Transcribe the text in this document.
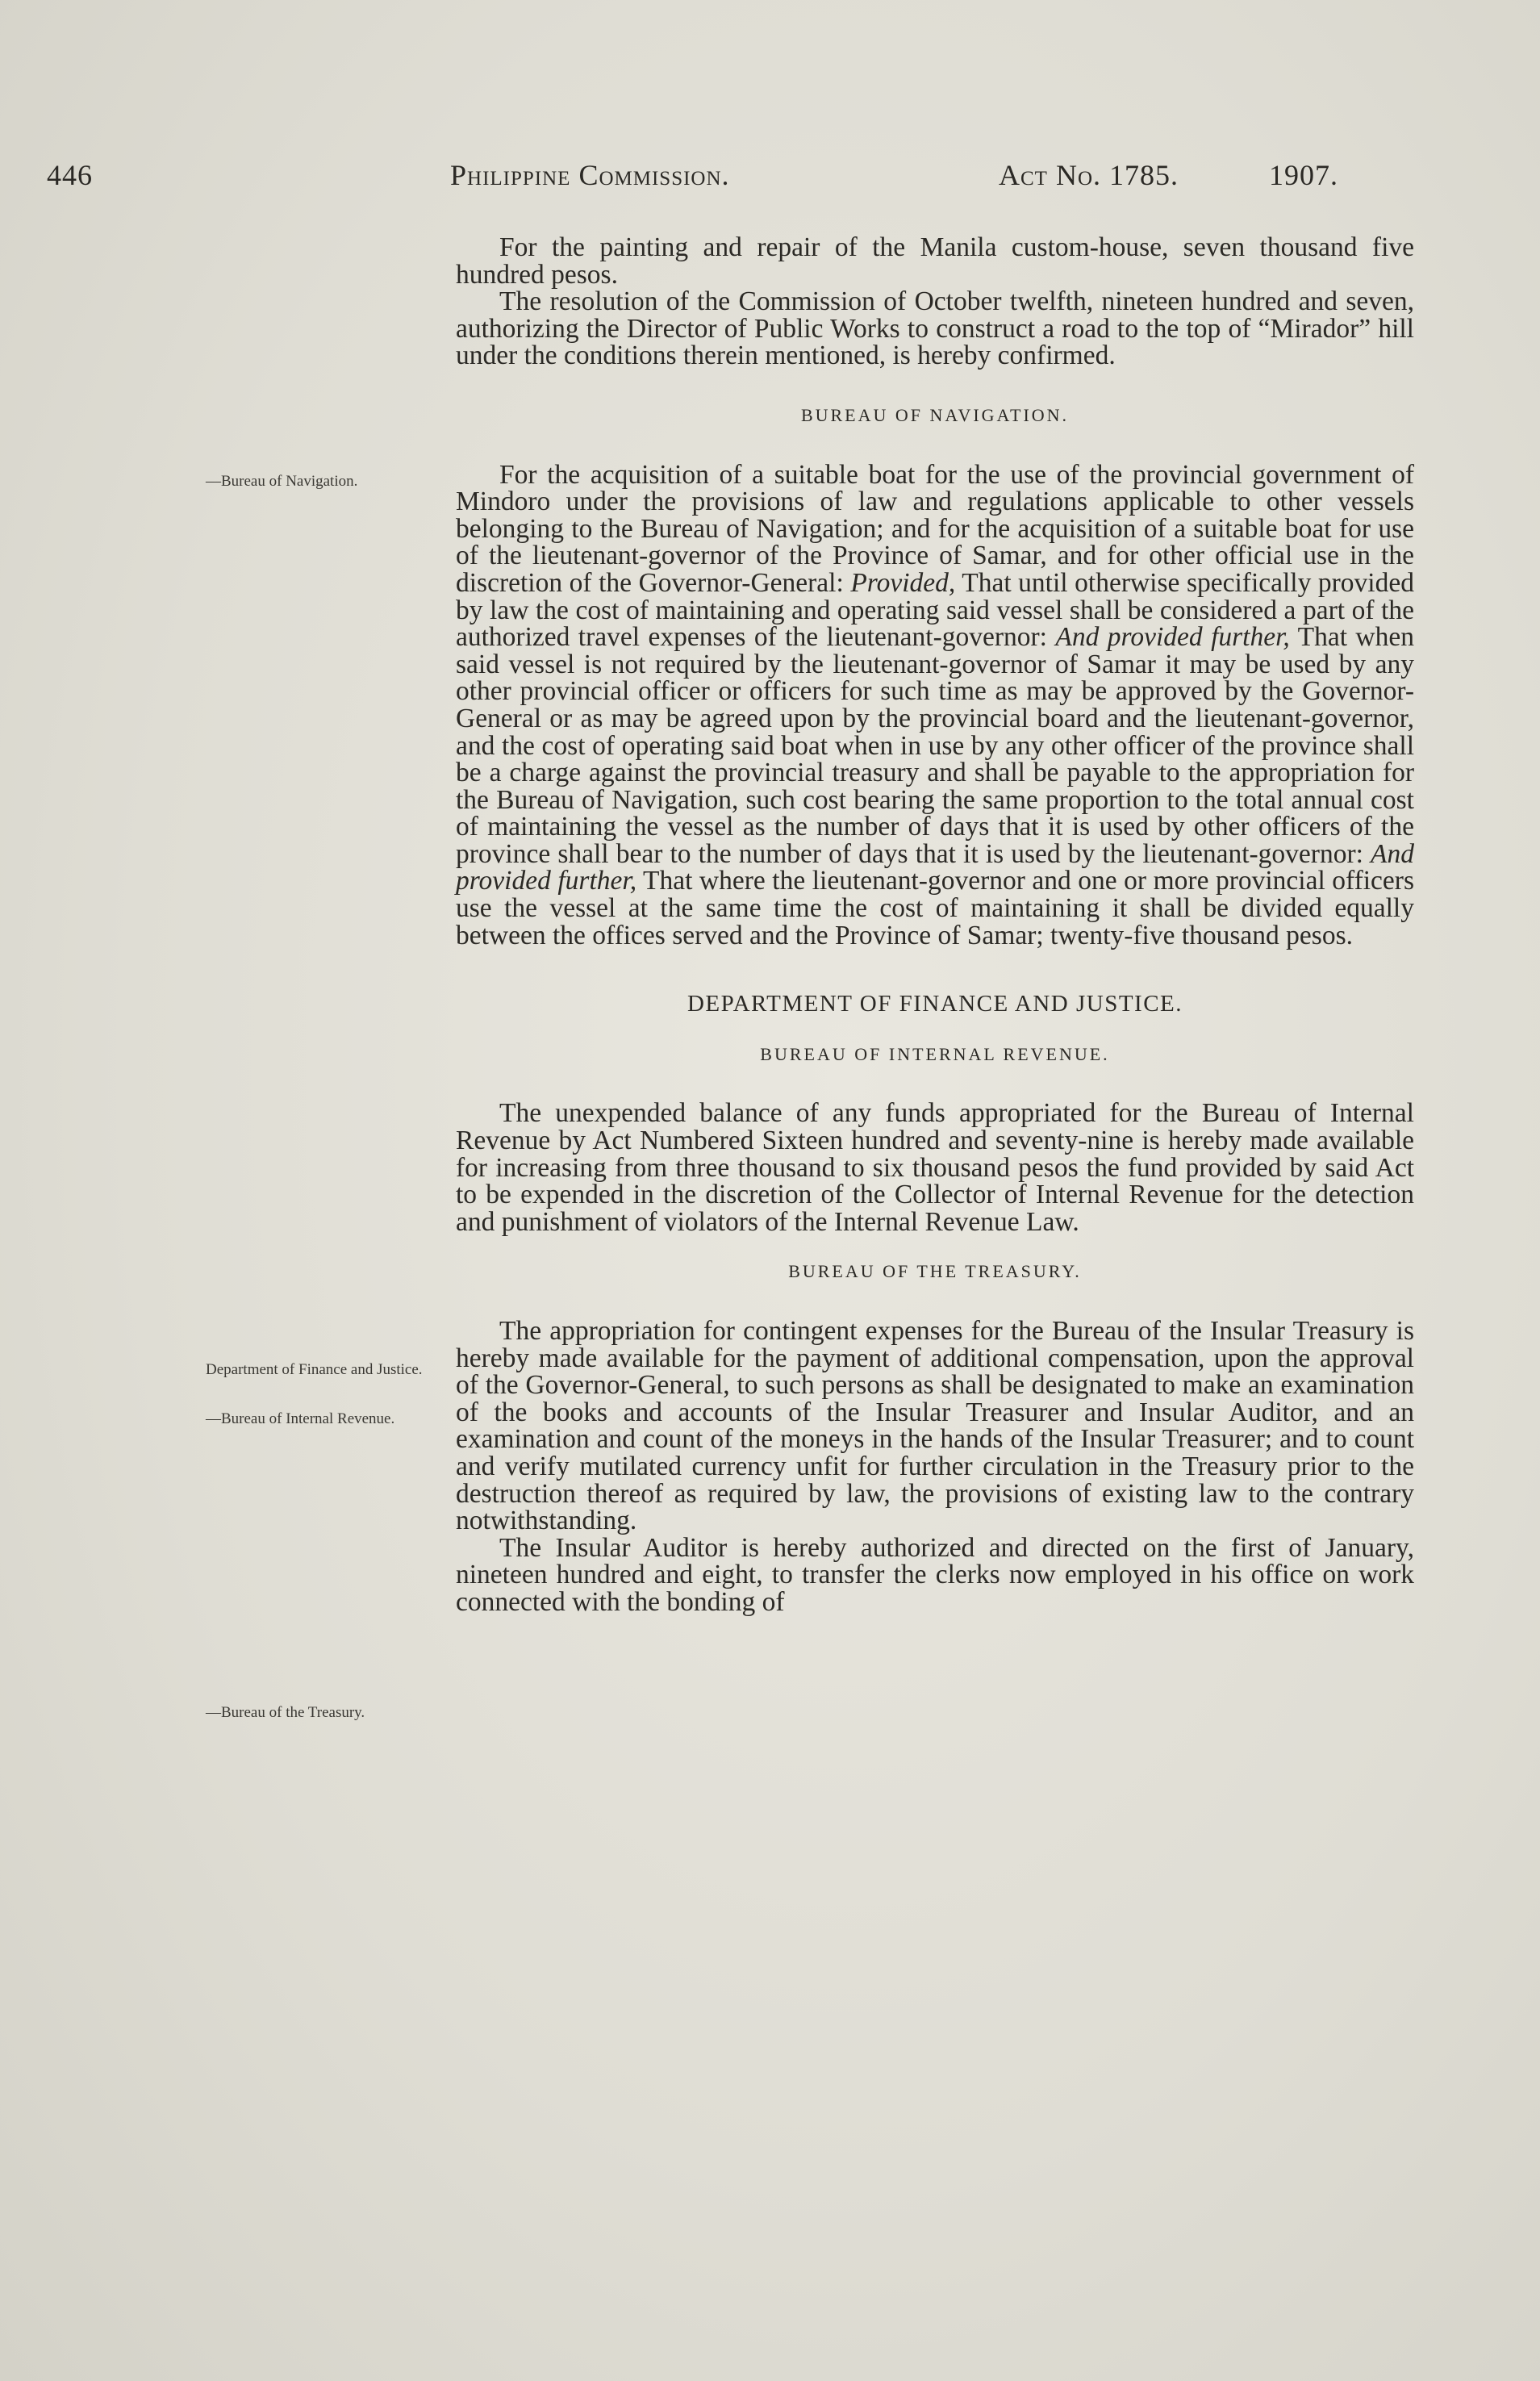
446	Philippine Commission.	Act No. 1785.	1907.
—Bureau of Navigation.
Department of Finance and Justice.
—Bureau of Internal Revenue.
—Bureau of the Treasury.

For the painting and repair of the Manila custom-house, seven thousand five hundred pesos.

The resolution of the Commission of October twelfth, nineteen hundred and seven, authorizing the Director of Public Works to construct a road to the top of “Mirador” hill under the conditions therein mentioned, is hereby confirmed.

BUREAU OF NAVIGATION.

For the acquisition of a suitable boat for the use of the provincial government of Mindoro under the provisions of law and regulations applicable to other vessels belonging to the Bureau of Navigation; and for the acquisition of a suitable boat for use of the lieutenant-governor of the Province of Samar, and for other official use in the discretion of the Governor-General: Provided, That until otherwise specifically provided by law the cost of maintaining and operating said vessel shall be considered a part of the authorized travel expenses of the lieutenant-governor: And provided further, That when said vessel is not required by the lieutenant-governor of Samar it may be used by any other provincial officer or officers for such time as may be approved by the Governor-General or as may be agreed upon by the provincial board and the lieutenant-governor, and the cost of operating said boat when in use by any other officer of the province shall be a charge against the provincial treasury and shall be payable to the appropriation for the Bureau of Navigation, such cost bearing the same proportion to the total annual cost of maintaining the vessel as the number of days that it is used by other officers of the province shall bear to the number of days that it is used by the lieutenant-governor: And provided further, That where the lieutenant-governor and one or more provincial officers use the vessel at the same time the cost of maintaining it shall be divided equally between the offices served and the Province of Samar; twenty-five thousand pesos.

DEPARTMENT OF FINANCE AND JUSTICE.
BUREAU OF INTERNAL REVENUE.

The unexpended balance of any funds appropriated for the Bureau of Internal Revenue by Act Numbered Sixteen hundred and seventy-nine is hereby made available for increasing from three thousand to six thousand pesos the fund provided by said Act to be expended in the discretion of the Collector of Internal Revenue for the detection and punishment of violators of the Internal Revenue Law.

BUREAU OF THE TREASURY.

The appropriation for contingent expenses for the Bureau of the Insular Treasury is hereby made available for the payment of additional compensation, upon the approval of the Governor-General, to such persons as shall be designated to make an examination of the books and accounts of the Insular Treasurer and Insular Auditor, and an examination and count of the moneys in the hands of the Insular Treasurer; and to count and verify mutilated currency unfit for further circulation in the Treasury prior to the destruction thereof as required by law, the provisions of existing law to the contrary notwithstanding.

The Insular Auditor is hereby authorized and directed on the first of January, nineteen hundred and eight, to transfer the clerks now employed in his office on work connected with the bonding of
